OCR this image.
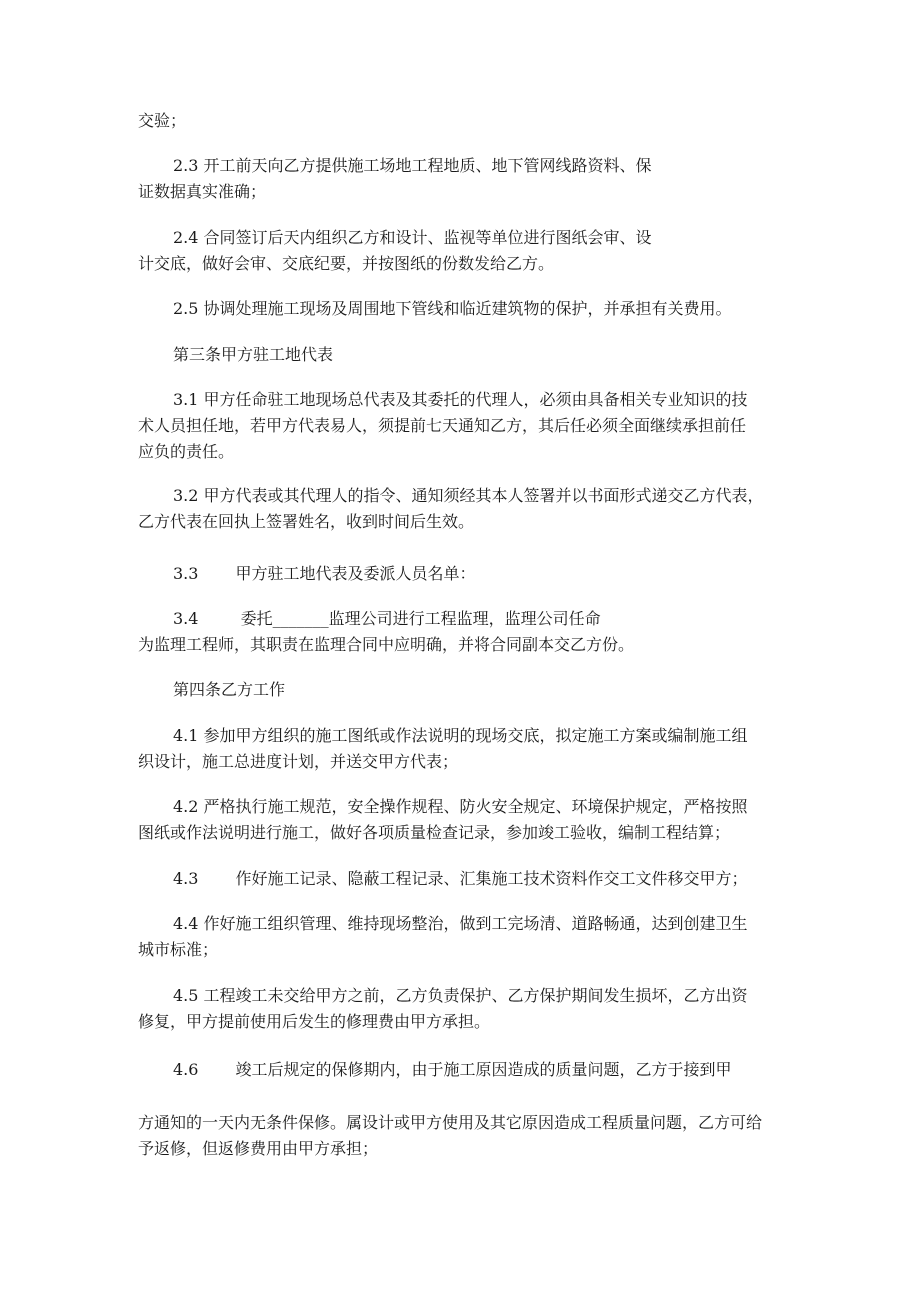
交验；

2.3 开工前天向乙方提供施工场地工程地质、地下管网线路资料、保
证数据真实准确；

2.4 合同签订后天内组织乙方和设计、监视等单位进行图纸会审、设
计交底，做好会审、交底纪要，并按图纸的份数发给乙方。

2.5 协调处理施工现场及周围地下管线和临近建筑物的保护，并承担有关费用。

第三条甲方驻工地代表

3.1 甲方任命驻工地现场总代表及其委托的代理人，必须由具备相关专业知识的技
术人员担任地，若甲方代表易人，须提前七天通知乙方，其后任必须全面继续承担前任
应负的责任。

3.2 甲方代表或其代理人的指令、通知须经其本人签署并以书面形式递交乙方代表，
乙方代表在回执上签署姓名，收到时间后生效。

3.3 　　甲方驻工地代表及委派人员名单：

3.4 　　 委托_______监理公司进行工程监理，监理公司任命
为监理工程师，其职责在监理合同中应明确，并将合同副本交乙方份。

第四条乙方工作

4.1 参加甲方组织的施工图纸或作法说明的现场交底，拟定施工方案或编制施工组
织设计，施工总进度计划，并送交甲方代表；

4.2 严格执行施工规范，安全操作规程、防火安全规定、环境保护规定，严格按照
图纸或作法说明进行施工，做好各项质量检查记录，参加竣工验收，编制工程结算；

4.3 　　作好施工记录、隐蔽工程记录、汇集施工技术资料作交工文件移交甲方；

4.4 作好施工组织管理、维持现场整治，做到工完场清、道路畅通，达到创建卫生
城市标准；

4.5 工程竣工未交给甲方之前，乙方负责保护、乙方保护期间发生损坏，乙方出资
修复，甲方提前使用后发生的修理费由甲方承担。

4.6 　　竣工后规定的保修期内，由于施工原因造成的质量问题，乙方于接到甲

方通知的一天内无条件保修。属设计或甲方使用及其它原因造成工程质量问题，乙方可给
予返修，但返修费用由甲方承担；
